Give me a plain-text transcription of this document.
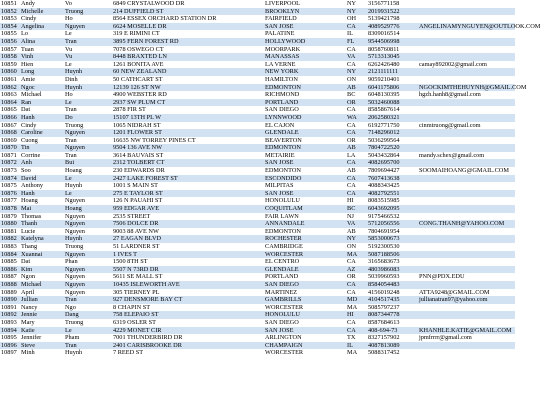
10851 Andy	Vo	6849 CRYSTALWOOD DR	LIVERPOOL	NY	3156771158
10852 Michelle	Truong	214 DUFFIELD ST	BROOKLYN	NY	2019931522
10853 Cindy	Ho	8564 ESSEX ORCHARD STATION DR	FAIRFIELD	OH	5139421798
10854 Angelina	Nguyen	6624 MOSELLE DR	SAN JOSE	CA	4089529776	ANGELINAMYNGUYEN@OUTLOOK.COM
10855 Lo	Le	319 E RIMINI CT	PALATINE	IL	8309016514
10856 Alina	Tran	3895 FERN FOREST RD	HOLLYWOOD	FL	9544506998
10857 Tuan	Vu	7078 OSWEGO CT	MOORPARK	CA	8058760811
10858 Vinh	Vu	8448 BRAXTED LN	MANASSAS	VA	5713313045
10859 Hien	Le	1261 BONITA AVE	LA VERNE	CA	6262426480	camay892002@gmail.com
10860 Long	Huynh	60 NEW ZEALAND	NEW YORK	NY	2121111111
10861 Amie	Dinh	50 CATHCART ST	HAMILTON	ON	9059210401
10862 Ngoc	Huynh	12139 126 ST NW	EDMONTON	AB	6041175806	NGOCKIMTHEHUYNH@GMAIL.COM
10863 Michael	Ho	4900 WEBSTER RD	RICHMOND	BC	6048130395	hgzh.hanh8@gmail.com
10864 Ran	Le	2937 SW PLUM CT	PORTLAND	OR	5032460088
10865 Dat	Tran	2878 FIR ST	SAN DIEGO	CA	8585867614
10866 Hanh	Do	15107 13TH PL W	LYNNWOOD	WA	2062580321
10867 Cindy	Truong	1065 NIDRAH ST	EL CAJON	CA	6192771750	cinmtruong@gmail.com
10868 Caroline	Nguyen	1201 FLOWER ST	GLENDALE	CA	7148296012
10869 Cuong	Tran	16635 NW TORREY PINES CT	BEAVERTON	OR	5036299564
10870 Tin	Nguyen	9504 136 AVE NW	EDMONTON	AB	7804722520
10871 Corrine	Tran	3614 BAUVAIS ST	METAIRIE	LA	5043432864	mandy.schex@gmail.com
10872 Anh	Bui	2312 TOLBERT CT	SAN JOSE	CA	4082695700
10873 Soo	Hoang	230 EDWARDS DR	EDMONTON	AB	7809694427	SOOMAIHOANG@GMAIL.COM
10874 David	Le	2427 LAKE FOREST ST	ESCONDIDO	CA	7607413638
10875 Anthony	Huynh	1001 S MAIN ST	MILPITAS	CA	4088343425
10876 Hanh	Le	275 E TAYLOR ST	SAN JOSE	CA	4082792551
10877 Hoang	Nguyen	126 N PAUAHI ST	HONOLULU	HI	8083515985
10878 Mai	Hoang	959 EDGAR AVE	COQUITLAM	BC	6043692095
10879 Thomas	Nguyen	2535 STREET	FAIR LAWN	NJ	9175466532
10880 Thanh	Nguyen	7506 DOLCE DR	ANNANDALE	VA	5712056556	CONG.THANH@YAHOO.COM
10881 Lucie	Nguyen	9003 88 AVE NW	EDMONTON	AB	7804691954
10882 Katelyna	Huynh	27 EAGAN BLVD	ROCHESTER	NY	5853000673
10883 Thang	Truong	51 LARDNER ST	CAMBRIDGE	ON	5192300530
10884 Xuannai	Nguyen	1 IVES T	WORCESTER	MA	5087188506
10885 Dat	Phan	1500 8TH ST	EL CENTRO	CA	3165683673
10886 Kim	Nguyen	5507 N 73RD DR	GLENDALE	AZ	4803986083
10887 Ngon	Nguyen	5611 SE MALL ST	PORTLAND	OR	5039960593	PNN@PDX.EDU
10888 Michael	Nguyen	10435 ISLEWORTH AVE	SAN DIEGO	CA	8584054483
10889 April	Nguyen	305 TIERNEY PL	MARTINEZ	CA	4156019248	ATTA9248@GMAIL.COM
10890 Jullian	Tran	927 DENSMORE BAY CT	GAMBRILLS	MD	4104517435	jullianatran97@yahoo.com
10891 Nancy	Ngo	8 CHAPIN ST	WORCESTER	MA	5085797237
10892 Jennie	Dang	758 ELEPAIO ST	HONOLULU	HI	8087344778
10893 Mary	Truong	6319 OSLER ST	SAN DIEGO	CA	8587684613
10894 Katie	Le	4229 MONET CIR	SAN JOSE	CA	408-694-73	KHANHLE.KATIE@GMAIL.COM
10895 Jennifer	Pham	7001 THUNDERBIRD DR	ARLINGTON	TX	8327157902	jpmfrrrr@gmail.com
10896 Steve	Tran	2401 CARISBROOKE DR	CHAMPAIGN	IL	4087813089
10897 Minh	Huynh	7 REED ST	WORCESTER	MA	5088317452
